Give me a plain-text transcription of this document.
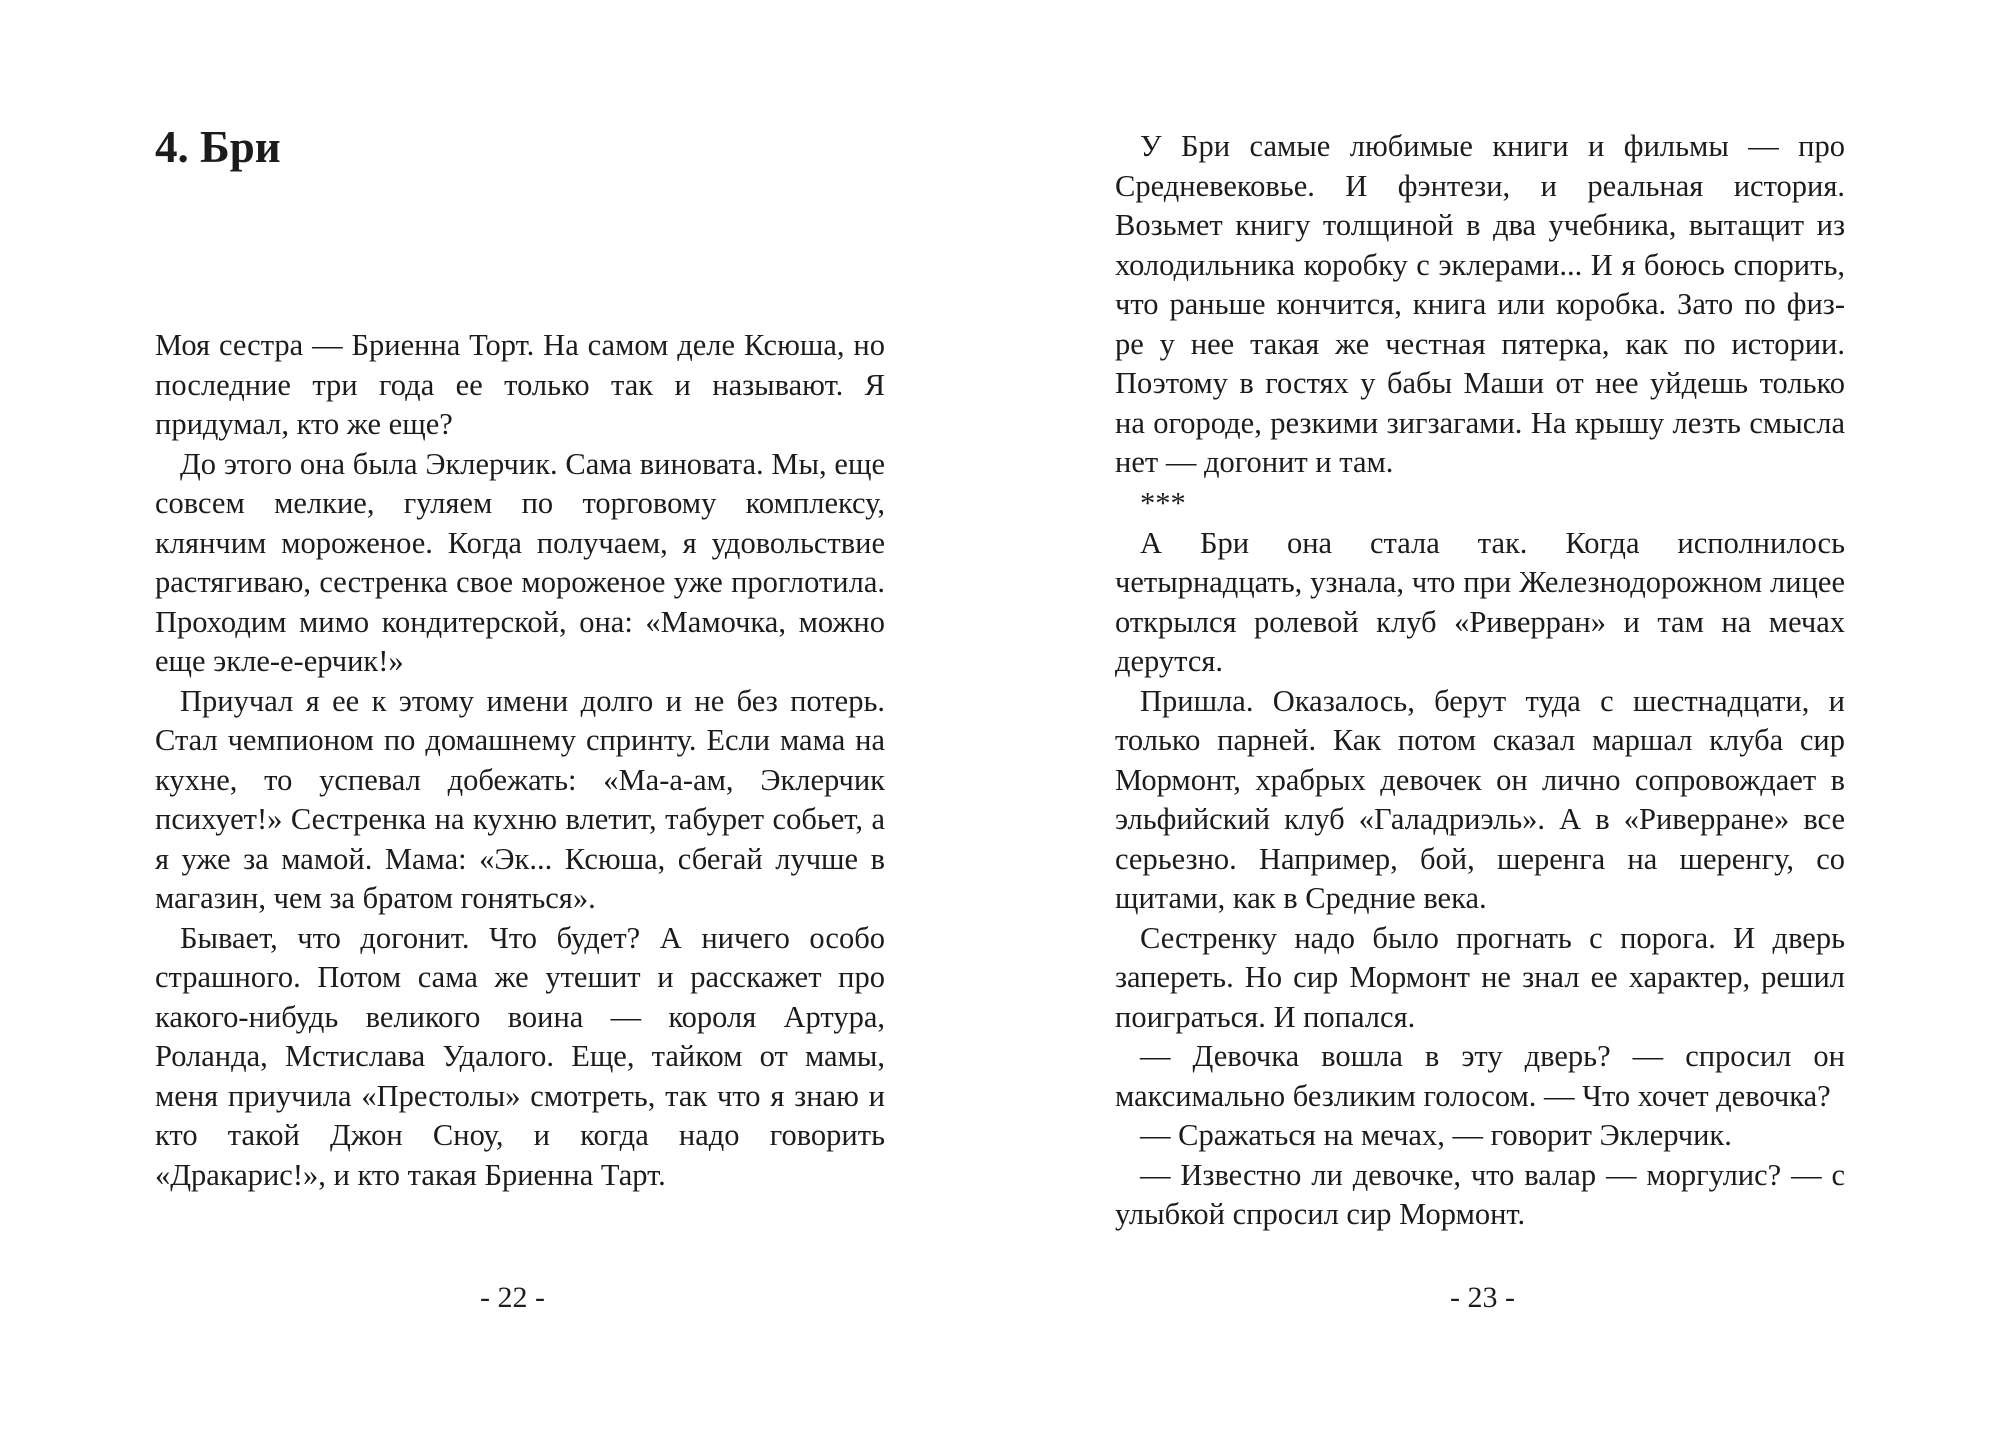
4. Бри

Моя сестра — Бриенна Торт. На самом деле Ксюша, но последние три года ее только так и называют. Я придумал, кто же еще?

До этого она была Эклерчик. Сама виновата. Мы, еще совсем мелкие, гуляем по торговому комплексу, клянчим мороженое. Когда получаем, я удовольствие растягиваю, сестренка свое мороженое уже проглотила. Проходим мимо кондитерской, она: «Мамочка, можно еще экле-е-ерчик!»

Приучал я ее к этому имени долго и не без потерь. Стал чемпионом по домашнему спринту. Если мама на кухне, то успевал добежать: «Ма-а-ам, Эклерчик психует!» Сестренка на кухню влетит, табурет собьет, а я уже за мамой. Мама: «Эк... Ксюша, сбегай лучше в магазин, чем за братом гоняться».

Бывает, что догонит. Что будет? А ничего особо страшного. Потом сама же утешит и расскажет про какого-нибудь великого воина — короля Артура, Роланда, Мстислава Удалого. Еще, тайком от мамы, меня приучила «Престолы» смотреть, так что я знаю и кто такой Джон Сноу, и когда надо говорить «Дракарис!», и кто такая Бриенна Тарт.

- 22 -

У Бри самые любимые книги и фильмы — про Средневековье. И фэнтези, и реальная история. Возьмет книгу толщиной в два учебника, вытащит из холодильника коробку с эклерами... И я боюсь спорить, что раньше кончится, книга или коробка. Зато по физ-ре у нее такая же честная пятерка, как по истории. Поэтому в гостях у бабы Маши от нее уйдешь только на огороде, резкими зигзагами. На крышу лезть смысла нет — догонит и там.

***

А Бри она стала так. Когда исполнилось четырнадцать, узнала, что при Железнодорожном лицее открылся ролевой клуб «Риверран» и там на мечах дерутся.

Пришла. Оказалось, берут туда с шестнадцати, и только парней. Как потом сказал маршал клуба сир Мормонт, храбрых девочек он лично сопровождает в эльфийский клуб «Галадриэль». А в «Риверране» все серьезно. Например, бой, шеренга на шеренгу, со щитами, как в Средние века.

Сестренку надо было прогнать с порога. И дверь запереть. Но сир Мормонт не знал ее характер, решил поиграться. И попался.

— Девочка вошла в эту дверь? — спросил он максимально безликим голосом. — Что хочет девочка?

— Сражаться на мечах, — говорит Эклерчик.

— Известно ли девочке, что валар — моргулис? — с улыбкой спросил сир Мормонт.

- 23 -
